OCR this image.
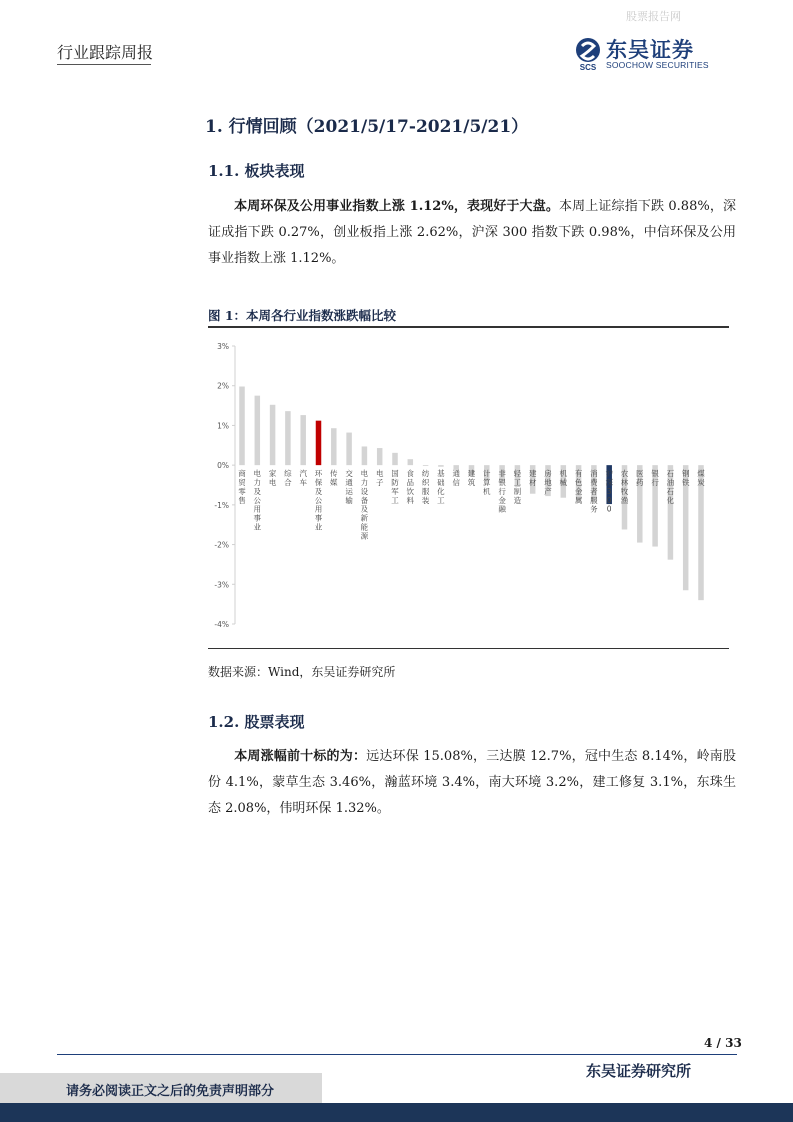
股票报告网
行业跟踪周报
SCS
东吴证券
SOOCHOW SECURITIES
1. 行情回顾（2021/5/17-2021/5/21）
1.1. 板块表现
本周环保及公用事业指数上涨 1.12%，表现好于大盘。本周上证综指下跌 0.88%，深证成指下跌 0.27%，创业板指上涨 2.62%，沪深 300 指数下跌 0.98%，中信环保及公用事业指数上涨 1.12%。
图 1：本周各行业指数涨跌幅比较
3%
2%
1%
0%
-1%
-2%
-3%
-4%
商贸零售
电力及公用事业
家电
综合
汽车
环保及公用事业
传媒
交通运输
电力设备及新能源
电子
国防军工
食品饮料
纺织服装
基础化工
通信
建筑
计算机
非银行金融
轻工制造
建材
房地产
机械
有色金属
消费者服务
沪深 3 0 0
农林牧渔
医药
银行
石油石化
钢铁
煤炭
数据来源：Wind，东吴证券研究所
1.2. 股票表现
本周涨幅前十标的为：远达环保 15.08%，三达膜 12.7%，冠中生态 8.14%，岭南股份 4.1%，蒙草生态 3.46%，瀚蓝环境 3.4%，南大环境 3.2%，建工修复 3.1%，东珠生态 2.08%，伟明环保 1.32%。
4 / 33
东吴证券研究所
请务必阅读正文之后的免责声明部分
